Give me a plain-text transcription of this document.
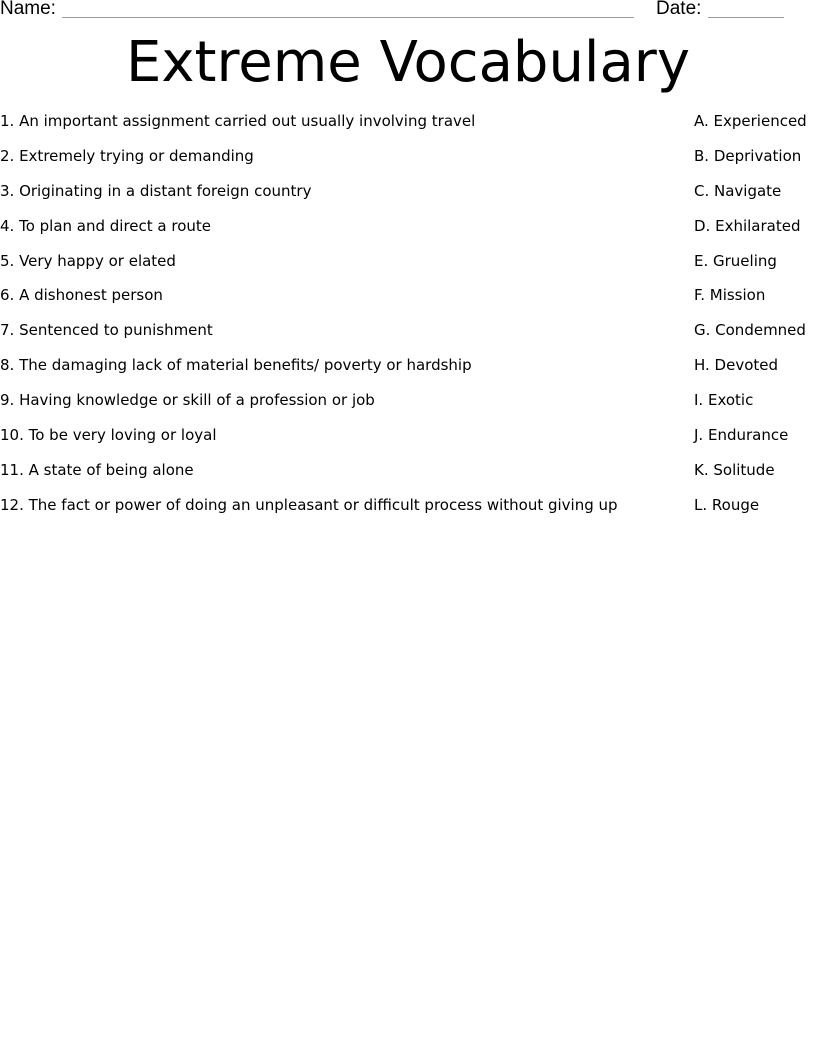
Name:	Date:
Extreme Vocabulary
1. An important assignment carried out usually involving travel	A. Experienced
2. Extremely trying or demanding	B. Deprivation
3. Originating in a distant foreign country	C. Navigate
4. To plan and direct a route	D. Exhilarated
5. Very happy or elated	E. Grueling
6. A dishonest person	F. Mission
7. Sentenced to punishment	G. Condemned
8. The damaging lack of material benefits/ poverty or hardship	H. Devoted
9. Having knowledge or skill of a profession or job	I. Exotic
10. To be very loving or loyal	J. Endurance
11. A state of being alone	K. Solitude
12. The fact or power of doing an unpleasant or difficult process without giving up	L. Rouge
